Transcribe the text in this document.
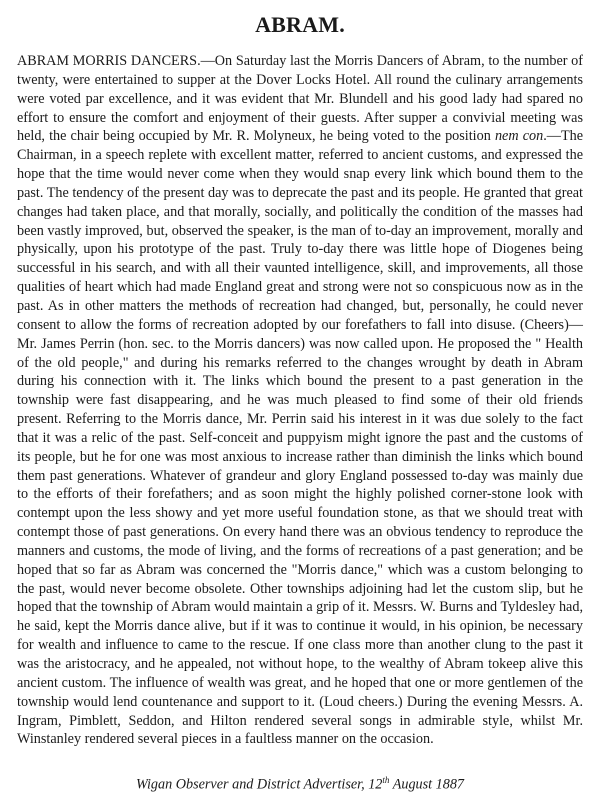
ABRAM.

ABRAM MORRIS DANCERS.—On Saturday last the Morris Dancers of Abram, to the number of twenty, were entertained to supper at the Dover Locks Hotel. All round the culinary arrangements were voted par excellence, and it was evident that Mr. Blundell and his good lady had spared no effort to ensure the comfort and enjoyment of their guests. After supper a convivial meeting was held, the chair being occupied by Mr. R. Molyneux, he being voted to the position nem con.—The Chairman, in a speech replete with excellent matter, referred to ancient customs, and expressed the hope that the time would never come when they would snap every link which bound them to the past. The tendency of the present day was to deprecate the past and its people. He granted that great changes had taken place, and that morally, socially, and politically the condition of the masses had been vastly improved, but, observed the speaker, is the man of to-day an improvement, morally and physically, upon his prototype of the past. Truly to-day there was little hope of Diogenes being successful in his search, and with all their vaunted intelligence, skill, and improvements, all those qualities of heart which had made England great and strong were not so conspicuous now as in the past. As in other matters the methods of recreation had changed, but, personally, he could never consent to allow the forms of recreation adopted by our forefathers to fall into disuse. (Cheers)—Mr. James Perrin (hon. sec. to the Morris dancers) was now called upon. He proposed the " Health of the old people," and during his remarks referred to the changes wrought by death in Abram during his connection with it. The links which bound the present to a past generation in the township were fast disappearing, and he was much pleased to find some of their old friends present. Referring to the Morris dance, Mr. Perrin said his interest in it was due solely to the fact that it was a relic of the past. Self-conceit and puppyism might ignore the past and the customs of its people, but he for one was most anxious to increase rather than diminish the links which bound them past generations. Whatever of grandeur and glory England possessed to-day was mainly due to the efforts of their forefathers; and as soon might the highly polished corner-stone look with contempt upon the less showy and yet more useful foundation stone, as that we should treat with contempt those of past generations. On every hand there was an obvious tendency to reproduce the manners and customs, the mode of living, and the forms of recreations of a past generation; and be hoped that so far as Abram was concerned the "Morris dance," which was a custom belonging to the past, would never become obsolete. Other townships adjoining had let the custom slip, but he hoped that the township of Abram would maintain a grip of it. Messrs. W. Burns and Tyldesley had, he said, kept the Morris dance alive, but if it was to continue it would, in his opinion, be necessary for wealth and influence to came to the rescue. If one class more than another clung to the past it was the aristocracy, and he appealed, not without hope, to the wealthy of Abram tokeep alive this ancient custom. The influence of wealth was great, and he hoped that one or more gentlemen of the township would lend countenance and support to it. (Loud cheers.) During the evening Messrs. A. Ingram, Pimblett, Seddon, and Hilton rendered several songs in admirable style, whilst Mr. Winstanley rendered several pieces in a faultless manner on the occasion.

Wigan Observer and District Advertiser, 12th August 1887
